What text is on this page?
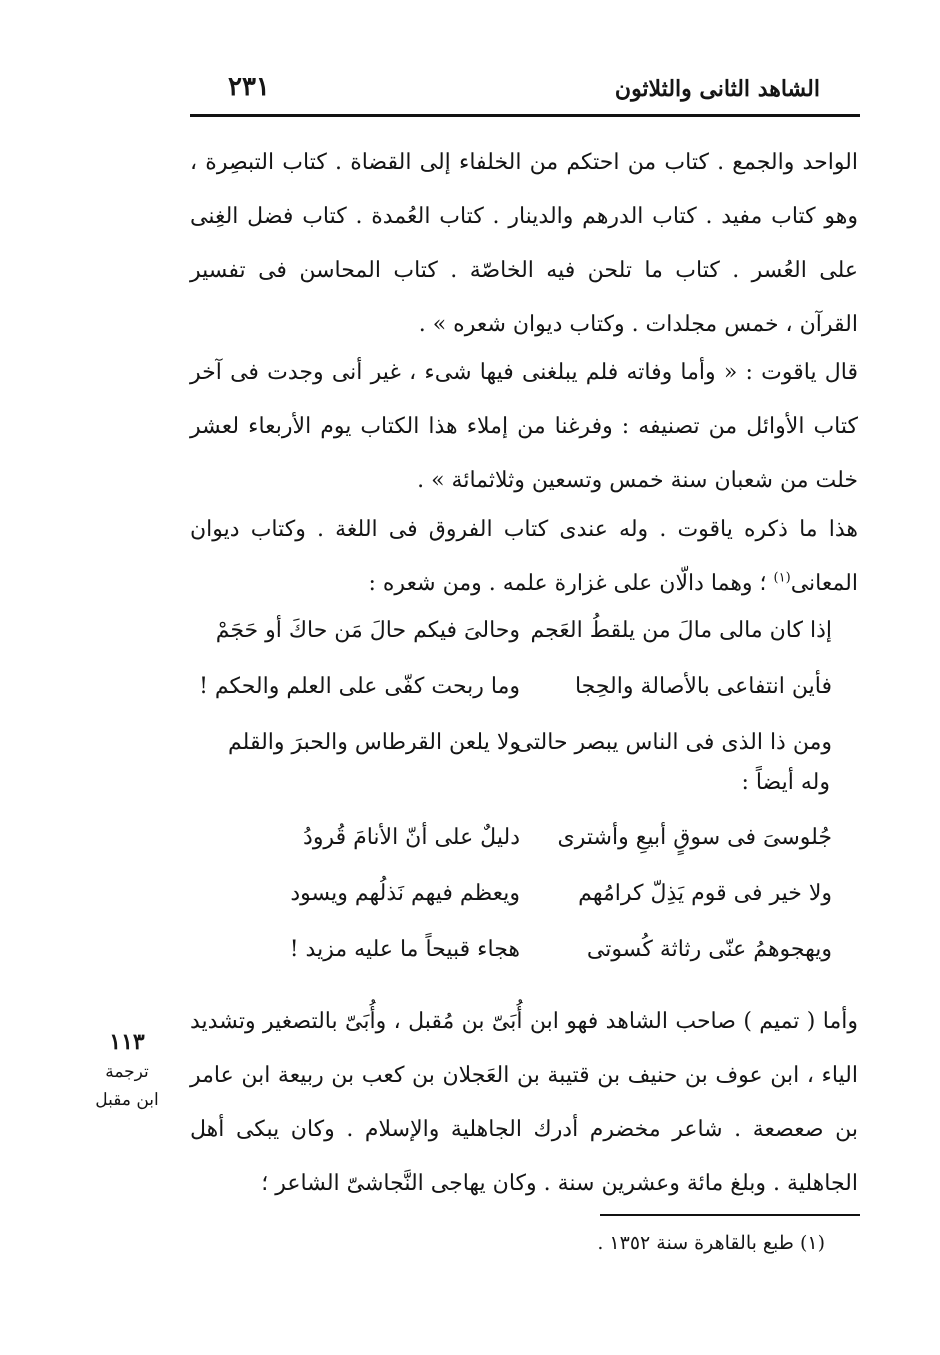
الشاهد الثانى والثلاثون
٢٣١
الواحد والجمع . كتاب من احتكم من الخلفاء إلى القضاة . كتاب التبصِرة ، وهو كتاب مفيد . كتاب الدرهم والدينار . كتاب العُمدة . كتاب فضل الغِنى على العُسر . كتاب ما تلحن فيه الخاصّة . كتاب المحاسن فى تفسير القرآن ، خمس مجلدات . وكتاب ديوان شعره » .
قال ياقوت : « وأما وفاته فلم يبلغنى فيها شىء ، غير أنى وجدت فى آخر كتاب الأوائل من تصنيفه : وفرغنا من إملاء هذا الكتاب يوم الأربعاء لعشر خلت من شعبان سنة خمس وتسعين وثلاثمائة » .
هذا ما ذكره ياقوت . وله عندى كتاب الفروق فى اللغة . وكتاب ديوان المعانى$^{(١)}$ ؛ وهما دالّان على غزارة علمه . ومن شعره :
إذا كان مالى مالَ من يلقطُ العَجم
وحالىَ فيكم حالَ مَن حاكَ أو حَجَمْ
فأين انتفاعى بالأصالة والحِجا
وما ربحت كفّى على العلم والحكم !
ومن ذا الذى فى الناس يبصر حالتى
ولا يلعن القرطاس والحبرَ والقلم
وله أيضاً :
جُلوسىَ فى سوقٍ أبيعِ وأشترى
دليلٌ على أنّ الأنامَ قُرودُ
ولا خير فى قوم يَذِلّ كرامُهم
ويعظم فيهم نَذلُهم ويسود
ويهجوهمُ عنّى رثاثة كُسوتى
هجاء قبيحاً ما عليه مزيد !
وأما ( تميم ) صاحب الشاهد فهو ابن أُبَىّ بن مُقبل ، وأُبَىّ بالتصغير وتشديد الياء ، ابن عوف بن حنيف بن قتيبة بن العَجلان بن كعب بن ربيعة ابن عامر بن صعصعة . شاعر مخضرم أدرك الجاهلية والإسلام . وكان يبكى أهل الجاهلية . وبلغ مائة وعشرين سنة . وكان يهاجى النَّجاشىّ الشاعر ؛
١١٣
ترجمة
ابن مقبل
(١) طبع بالقاهرة سنة ١٣٥٢ .
